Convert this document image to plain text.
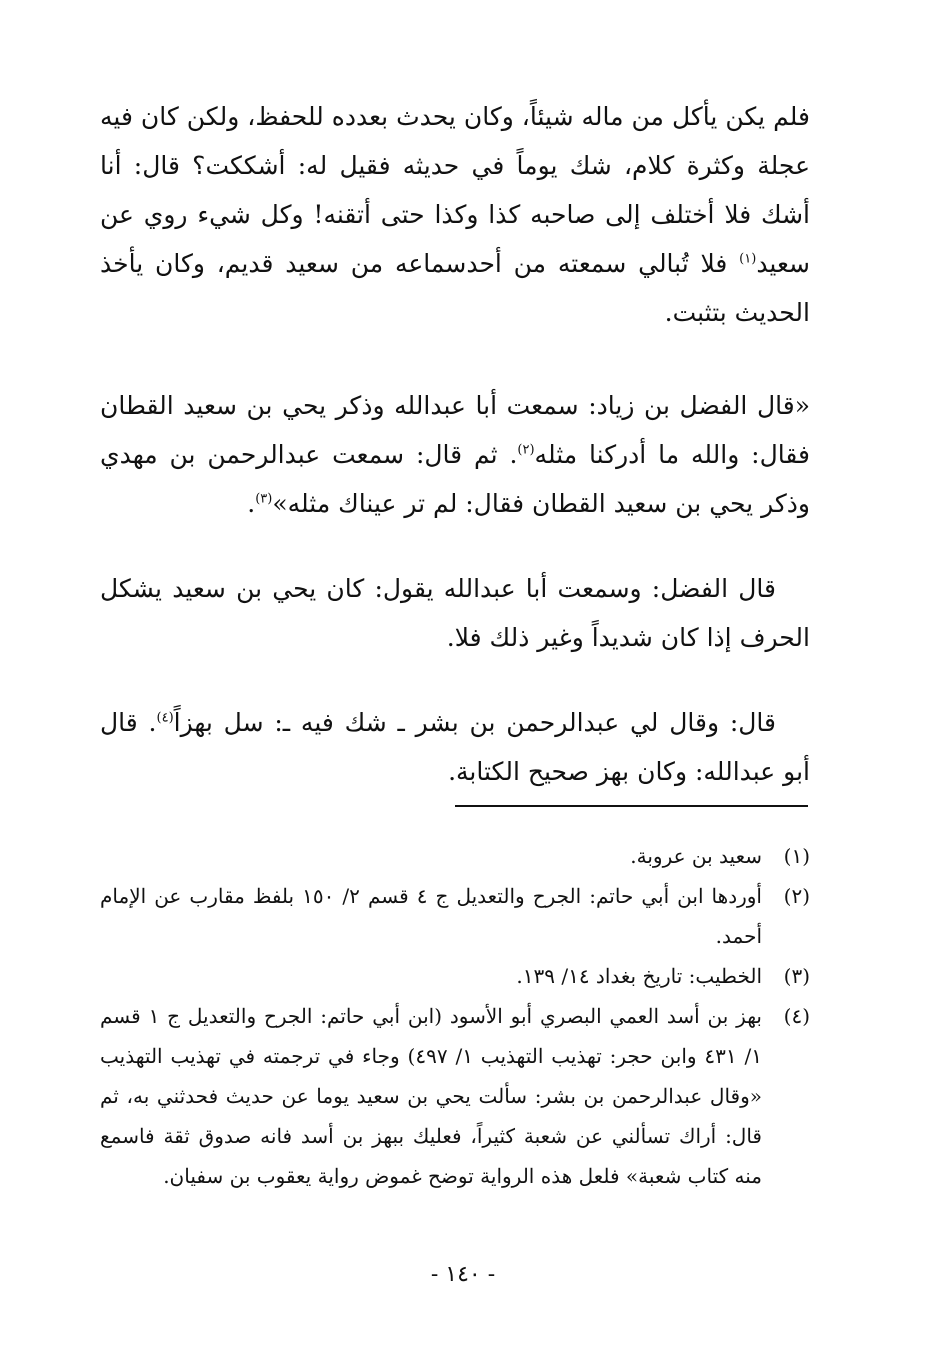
فلم يكن يأكل من ماله شيئاً، وكان يحدث بعدده للحفظ، ولكن كان فيه عجلة وكثرة كلام، شك يوماً في حديثه فقيل له: أشككت؟ قال: أنا أشك فلا أختلف إلى صاحبه كذا وكذا حتى أتقنه! وكل شيء روي عن سعيد$^{(١)}$ فلا تُبالي سمعته من أحدسماعه من سعيد قديم، وكان يأخذ الحديث بتثبت.

«قال الفضل بن زياد: سمعت أبا عبدالله وذكر يحي بن سعيد القطان فقال: والله ما أدركنا مثله$^{(٢)}$. ثم قال: سمعت عبدالرحمن بن مهدي وذكر يحي بن سعيد القطان فقال: لم تر عيناك مثله»$^{(٣)}$.

قال الفضل: وسمعت أبا عبدالله يقول: كان يحي بن سعيد يشكل الحرف إذا كان شديداً وغير ذلك فلا.

قال: وقال لي عبدالرحمن بن بشر ـ شك فيه ـ: سل بهزاً$^{(٤)}$. قال أبو عبدالله: وكان بهز صحيح الكتابة.

(١)
سعيد بن عروبة.
(٢)
أوردها ابن أبي حاتم: الجرح والتعديل ج ٤ قسم ٢/ ١٥٠ بلفظ مقارب عن الإمام أحمد.
(٣)
الخطيب: تاريخ بغداد ١٤/ ١٣٩.
(٤)
بهز بن أسد العمي البصري أبو الأسود (ابن أبي حاتم: الجرح والتعديل ج ١ قسم ١/ ٤٣١ وابن حجر: تهذيب التهذيب ١/ ٤٩٧) وجاء في ترجمته في تهذيب التهذيب «وقال عبدالرحمن بن بشر: سألت يحي بن سعيد يوما عن حديث فحدثني به، ثم قال: أراك تسألني عن شعبة كثيراً، فعليك ببهز بن أسد فانه صدوق ثقة فاسمع منه كتاب شعبة» فلعل هذه الرواية توضح غموض رواية يعقوب بن سفيان.
- ١٤٠ -
